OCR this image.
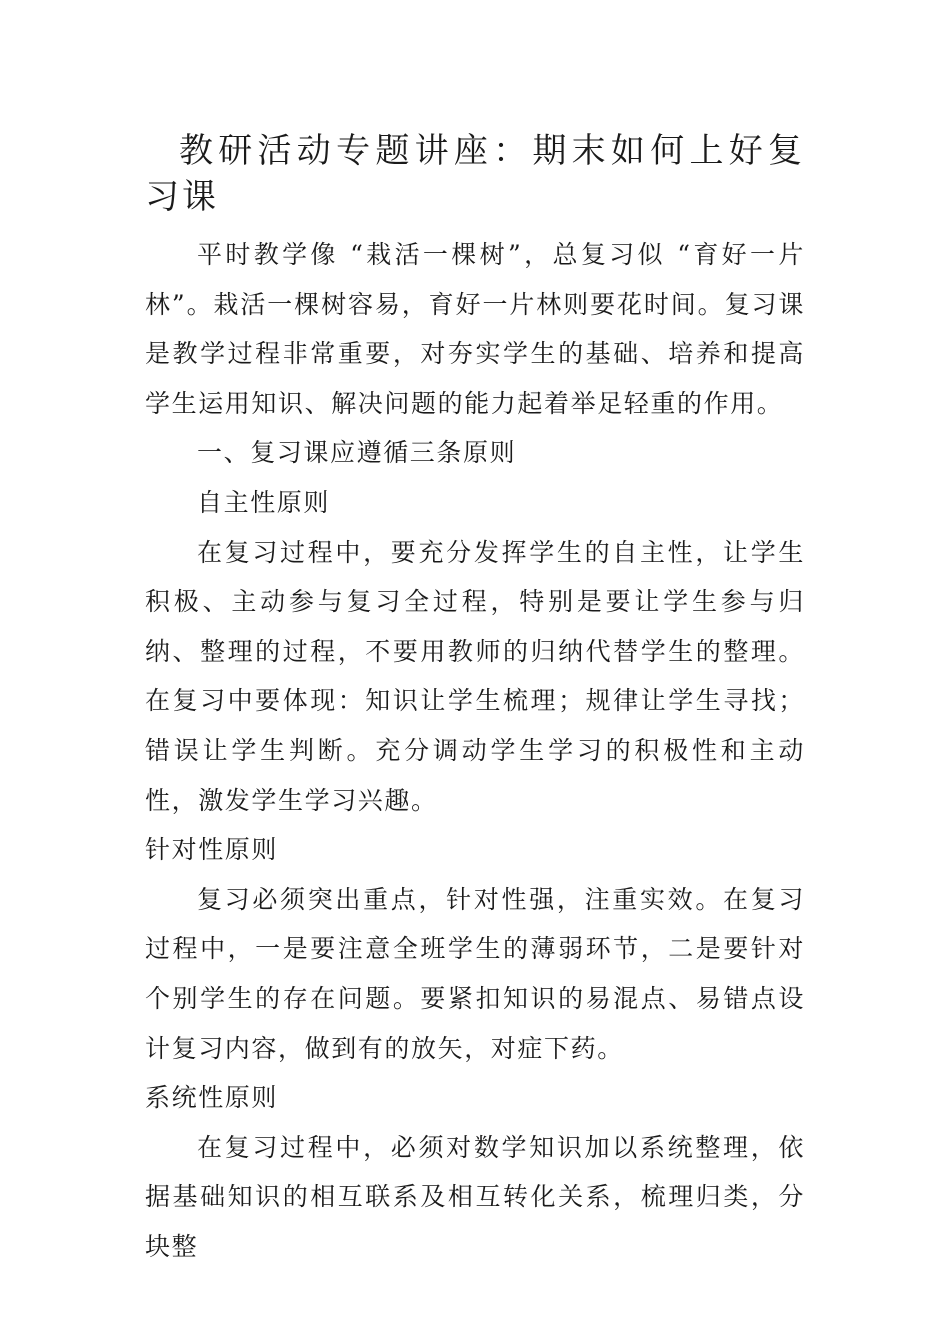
教研活动专题讲座：期末如何上好复习课

平时教学像 “栽活一棵树”，总复习似 “育好一片林”。栽活一棵树容易，育好一片林则要花时间。复习课是教学过程非常重要，对夯实学生的基础、培养和提高学生运用知识、解决问题的能力起着举足轻重的作用。

一、复习课应遵循三条原则

自主性原则

在复习过程中，要充分发挥学生的自主性，让学生积极、主动参与复习全过程，特别是要让学生参与归纳、整理的过程，不要用教师的归纳代替学生的整理。在复习中要体现：知识让学生梳理；规律让学生寻找；错误让学生判断。充分调动学生学习的积极性和主动性，激发学生学习兴趣。

针对性原则

复习必须突出重点，针对性强，注重实效。在复习过程中，一是要注意全班学生的薄弱环节，二是要针对个别学生的存在问题。要紧扣知识的易混点、易错点设计复习内容，做到有的放矢，对症下药。

系统性原则

在复习过程中，必须对数学知识加以系统整理，依据基础知识的相互联系及相互转化关系，梳理归类，分块整
